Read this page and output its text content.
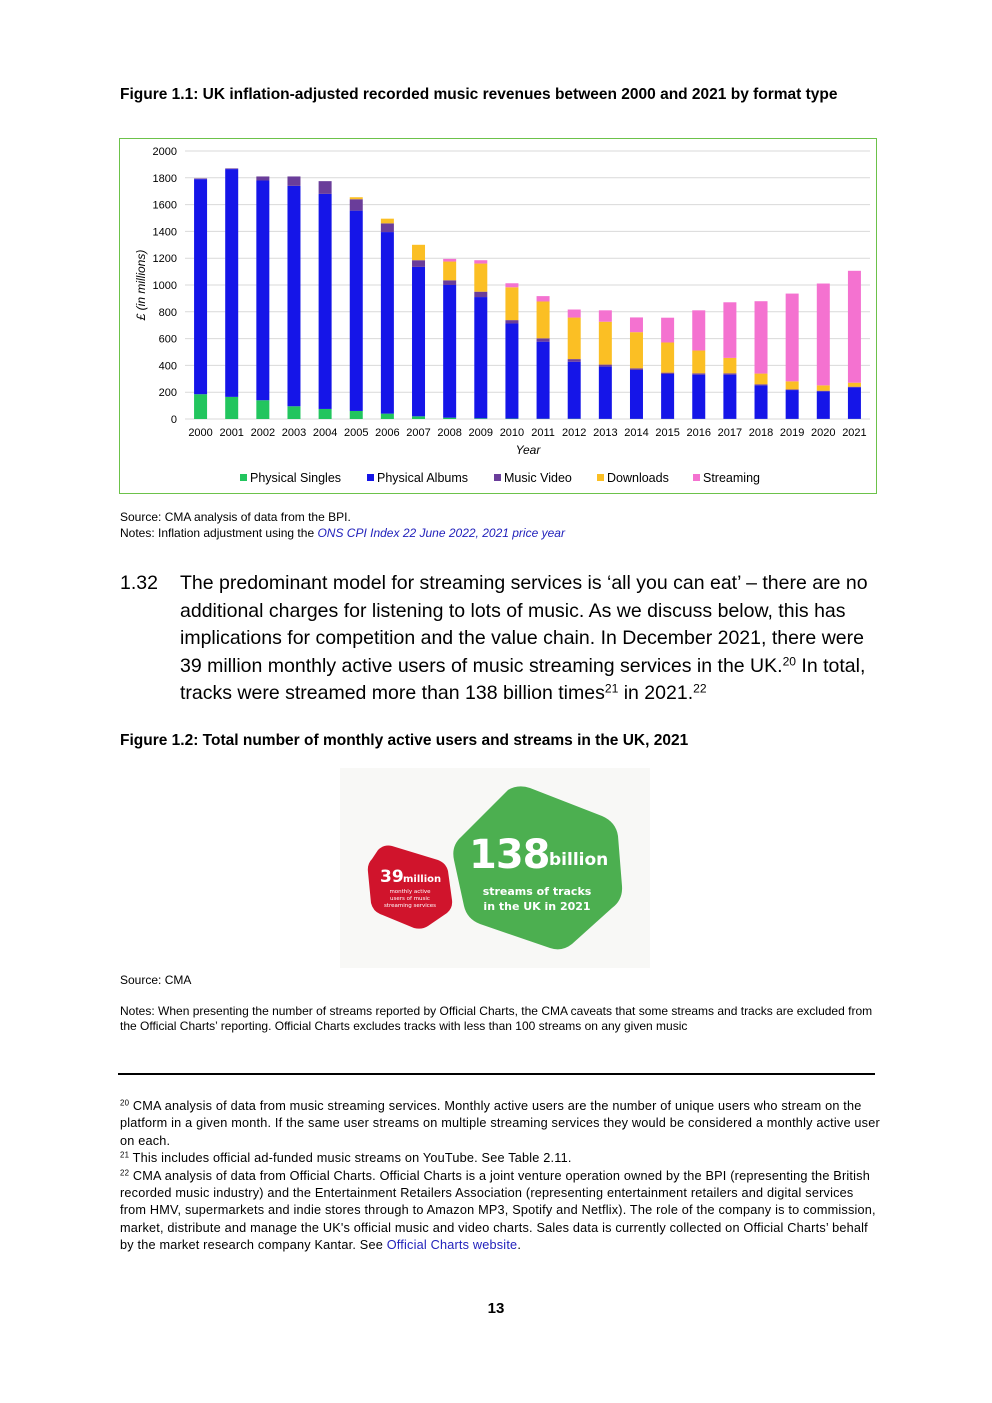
Figure 1.1: UK inflation-adjusted recorded music revenues between 2000 and 2021 by format type
0
200
400
600
800
1000
1200
1400
1600
1800
2000
2000 2001 2002 2003 2004 2005 2006 2007 2008 2009 2010 2011 2012 2013 2014 2015 2016 2017 2018 2019 2020 2021
Year
£ (in millions)
Physical Singles	Physical Albums	Music Video	Downloads	Streaming
Source: CMA analysis of data from the BPI.
Notes: Inflation adjustment using the ONS CPI Index 22 June 2022, 2021 price year
1.32 The predominant model for streaming services is ‘all you can eat’ – there are no additional charges for listening to lots of music. As we discuss below, this has implications for competition and the value chain. In December 2021, there were 39 million monthly active users of music streaming services in the UK.$^{20}$ In total, tracks were streamed more than 138 billion times$^{21}$ in 2021.22
Figure 1.2: Total number of monthly active users and streams in the UK, 2021
39 million
monthly active
users of music
streaming services
138 billion
streams of tracks
in the UK in 2021
Source: CMA
Notes: When presenting the number of streams reported by Official Charts, the CMA caveats that some streams and tracks are excluded from the Official Charts’ reporting. Official Charts excludes tracks with less than 100 streams on any given music
$^{20}$ CMA analysis of data from music streaming services. Monthly active users are the number of unique users who stream on the platform in a given month. If the same user streams on multiple streaming services they would be considered a monthly active user on each.
$^{21}$ This includes official ad-funded music streams on YouTube. See Table 2.11.
$^{22}$ CMA analysis of data from Official Charts. Official Charts is a joint venture operation owned by the BPI (representing the British recorded music industry) and the Entertainment Retailers Association (representing entertainment retailers and digital services from HMV, supermarkets and indie stores through to Amazon MP3, Spotify and Netflix). The role of the company is to commission, market, distribute and manage the UK's official music and video charts. Sales data is currently collected on Official Charts’ behalf by the market research company Kantar. See Official Charts website.
13
